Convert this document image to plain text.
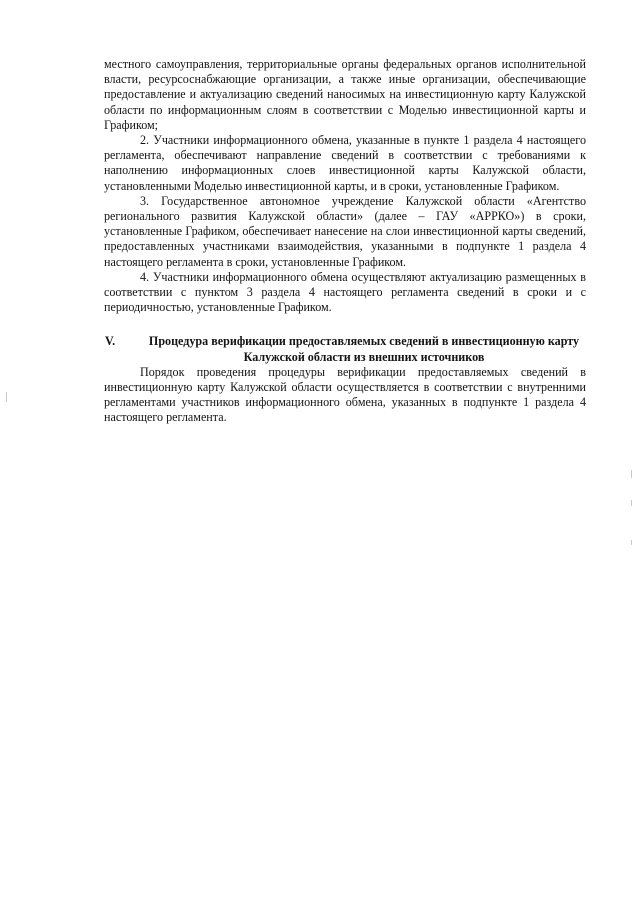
местного самоуправления, территориальные органы федеральных органов исполнительной власти, ресурсоснабжающие организации, а также иные организации, обеспечивающие предоставление и актуализацию сведений наносимых на инвестиционную карту Калужской области по информационным слоям в соответствии с Моделью инвестиционной карты и Графиком;

2. Участники информационного обмена, указанные в пункте 1 раздела 4 настоящего регламента, обеспечивают направление сведений в соответствии с требованиями к наполнению информационных слоев инвестиционной карты Калужской области, установленными Моделью инвестиционной карты, и в сроки, установленные Графиком.

3. Государственное автономное учреждение Калужской области «Агентство регионального развития Калужской области» (далее – ГАУ «АРРКО») в сроки, установленные Графиком, обеспечивает нанесение на слои инвестиционной карты сведений, предоставленных участниками взаимодействия, указанными в подпункте 1 раздела 4 настоящего регламента в сроки, установленные Графиком.

4. Участники информационного обмена осуществляют актуализацию размещенных в соответствии с пунктом 3 раздела 4 настоящего регламента сведений в сроки и с периодичностью, установленные Графиком.

V.	Процедура верификации предоставляемых сведений в инвестиционную карту Калужской области из внешних источников

Порядок проведения процедуры верификации предоставляемых сведений в инвестиционную карту Калужской области осуществляется в соответствии с внутренними регламентами участников информационного обмена, указанных в подпункте 1 раздела 4 настоящего регламента.
